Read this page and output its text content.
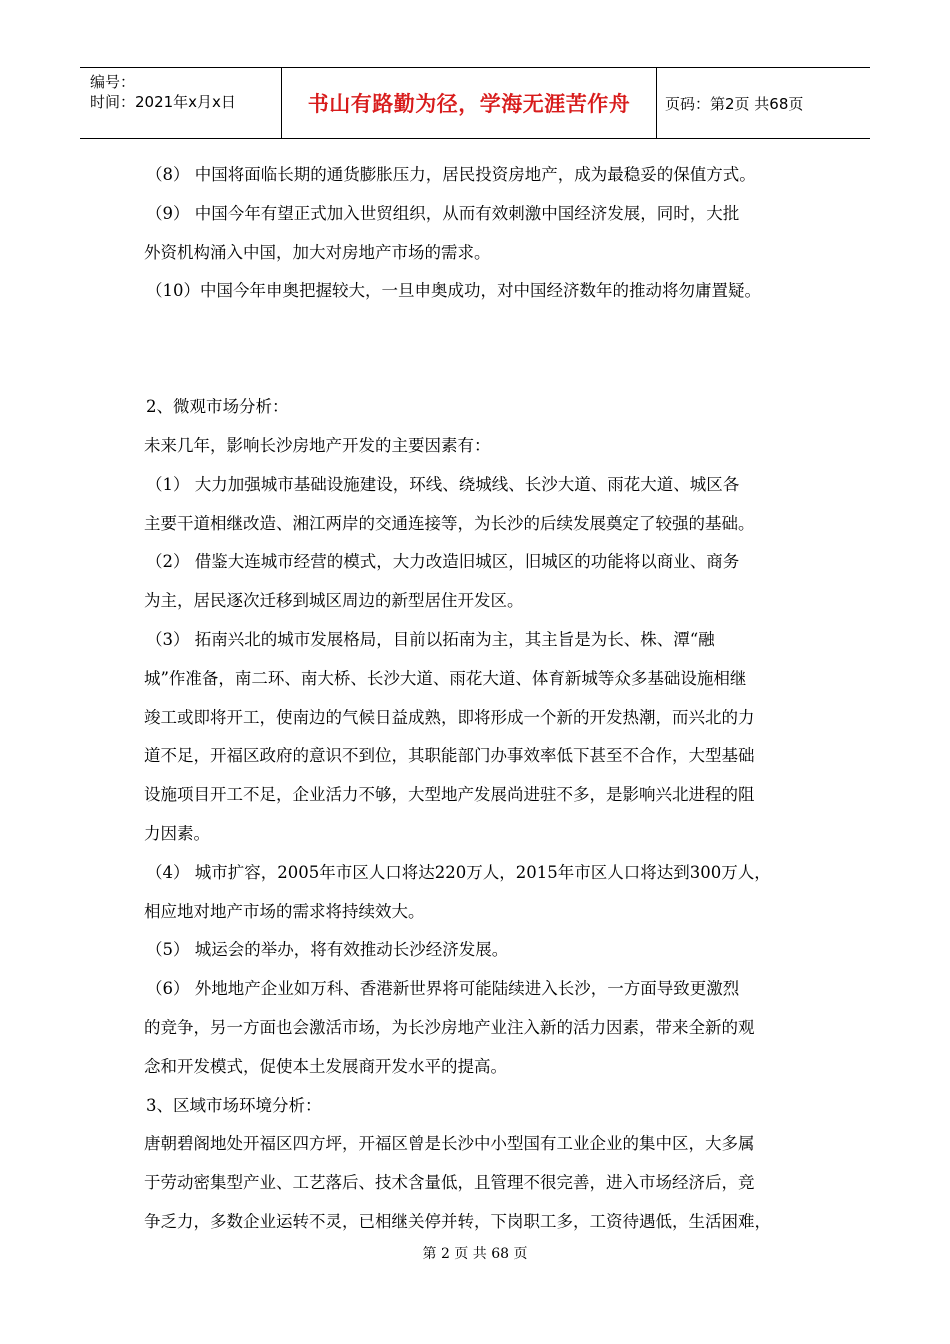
编号：
时间：2021年x月x日	书山有路勤为径，学海无涯苦作舟	页码：第2页 共68页

（8） 中国将面临长期的通货膨胀压力，居民投资房地产，成为最稳妥的保值方式。

（9） 中国今年有望正式加入世贸组织，从而有效刺激中国经济发展，同时，大批

外资机构涌入中国，加大对房地产市场的需求。

（10）中国今年申奥把握较大，一旦申奥成功，对中国经济数年的推动将勿庸置疑。

2、微观市场分析：

未来几年，影响长沙房地产开发的主要因素有：

（1） 大力加强城市基础设施建设，环线、绕城线、长沙大道、雨花大道、城区各

主要干道相继改造、湘江两岸的交通连接等，为长沙的后续发展奠定了较强的基础。

（2） 借鉴大连城市经营的模式，大力改造旧城区，旧城区的功能将以商业、商务

为主，居民逐次迁移到城区周边的新型居住开发区。

（3） 拓南兴北的城市发展格局，目前以拓南为主，其主旨是为长、株、潭“融

城”作准备，南二环、南大桥、长沙大道、雨花大道、体育新城等众多基础设施相继

竣工或即将开工，使南边的气候日益成熟，即将形成一个新的开发热潮，而兴北的力

道不足，开福区政府的意识不到位，其职能部门办事效率低下甚至不合作，大型基础

设施项目开工不足，企业活力不够，大型地产发展尚进驻不多，是影响兴北进程的阻

力因素。

（4） 城市扩容，2005年市区人口将达220万人，2015年市区人口将达到300万人，

相应地对地产市场的需求将持续效大。

（5） 城运会的举办，将有效推动长沙经济发展。

（6） 外地地产企业如万科、香港新世界将可能陆续进入长沙，一方面导致更激烈

的竞争，另一方面也会激活市场，为长沙房地产业注入新的活力因素，带来全新的观

念和开发模式，促使本土发展商开发水平的提高。

3、区域市场环境分析：

唐朝碧阁地处开福区四方坪，开福区曾是长沙中小型国有工业企业的集中区，大多属

于劳动密集型产业、工艺落后、技术含量低，且管理不很完善，进入市场经济后，竞

争乏力，多数企业运转不灵，已相继关停并转，下岗职工多，工资待遇低，生活困难，

第 2 页 共 68 页
